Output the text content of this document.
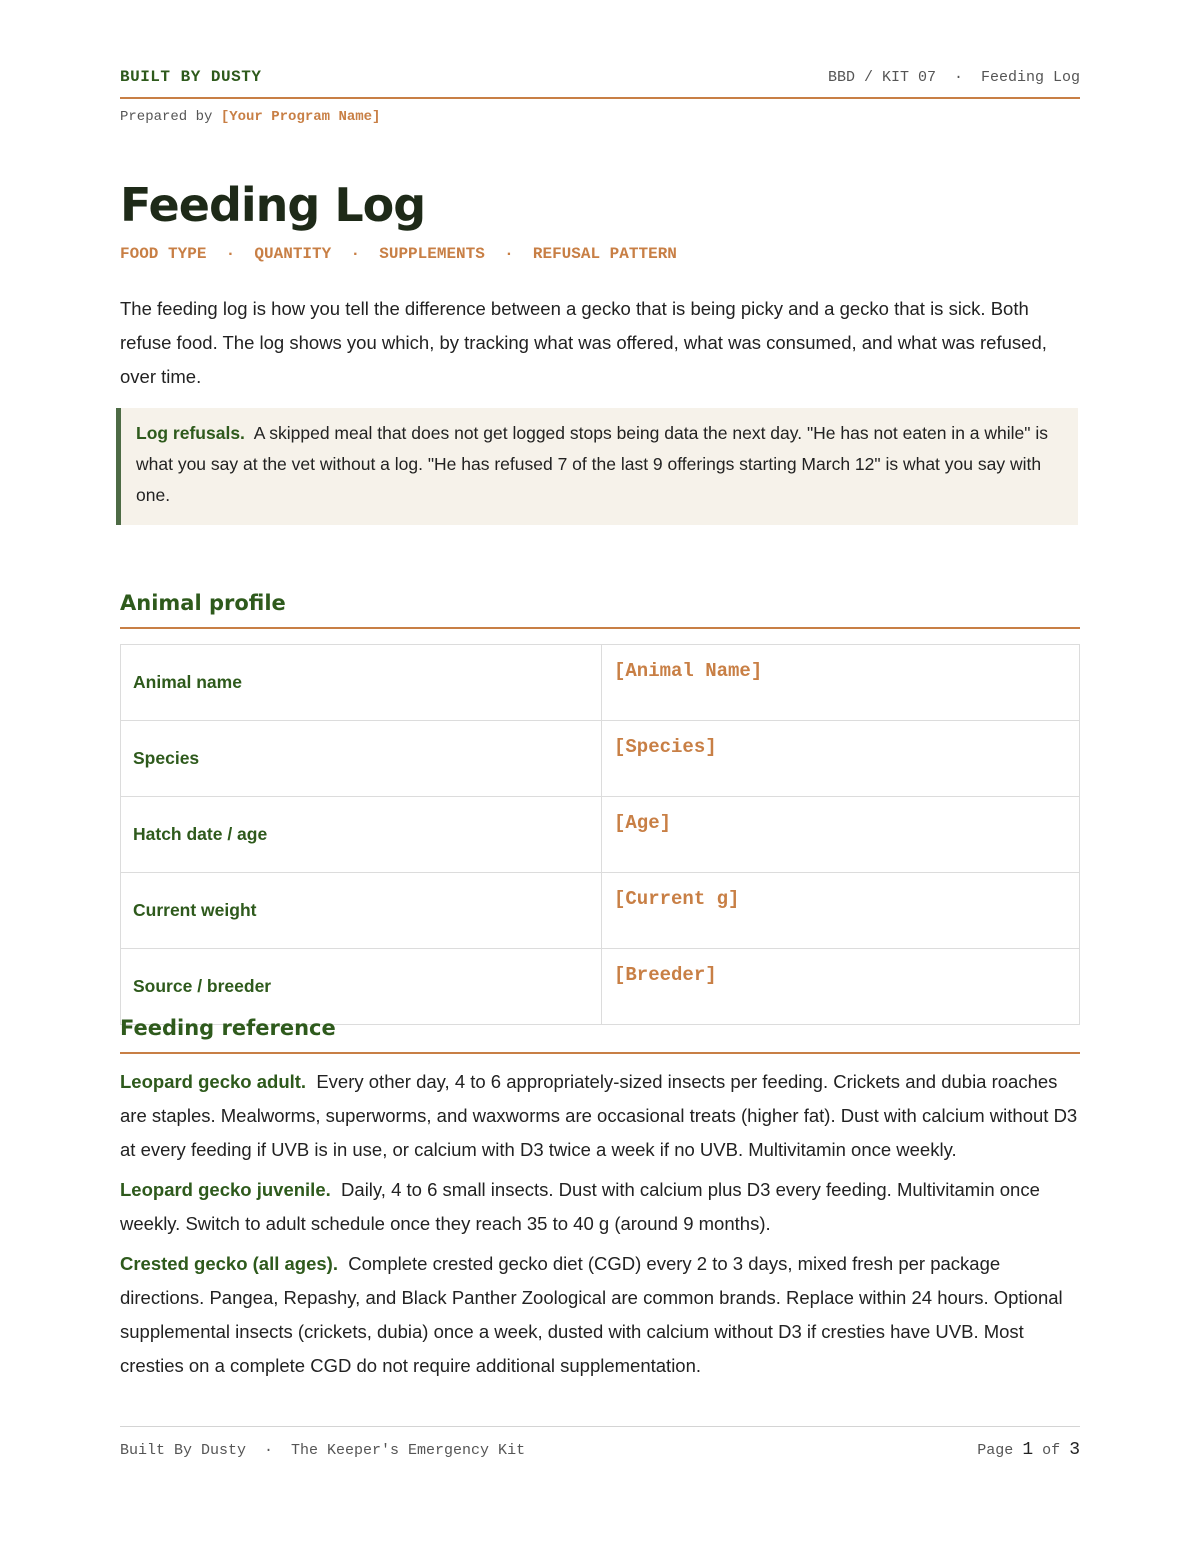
BUILT BY DUSTY	BBD / KIT 07  ·  Feeding Log
Prepared by [Your Program Name]
Feeding Log
FOOD TYPE  ·  QUANTITY  ·  SUPPLEMENTS  ·  REFUSAL PATTERN

The feeding log is how you tell the difference between a gecko that is being picky and a gecko that is sick. Both refuse food. The log shows you which, by tracking what was offered, what was consumed, and what was refused, over time.

Log refusals. A skipped meal that does not get logged stops being data the next day. "He has not eaten in a while" is what you say at the vet without a log. "He has refused 7 of the last 9 offerings starting March 12" is what you say with one.

Animal profile
Animal name	[Animal Name]
Species	[Species]
Hatch date / age	[Age]
Current weight	[Current g]
Source / breeder	[Breeder]
Feeding reference

Leopard gecko adult. Every other day, 4 to 6 appropriately-sized insects per feeding. Crickets and dubia roaches are staples. Mealworms, superworms, and waxworms are occasional treats (higher fat). Dust with calcium without D3 at every feeding if UVB is in use, or calcium with D3 twice a week if no UVB. Multivitamin once weekly.

Leopard gecko juvenile. Daily, 4 to 6 small insects. Dust with calcium plus D3 every feeding. Multivitamin once weekly. Switch to adult schedule once they reach 35 to 40 g (around 9 months).

Crested gecko (all ages). Complete crested gecko diet (CGD) every 2 to 3 days, mixed fresh per package directions. Pangea, Repashy, and Black Panther Zoological are common brands. Replace within 24 hours. Optional supplemental insects (crickets, dubia) once a week, dusted with calcium without D3 if cresties have UVB. Most cresties on a complete CGD do not require additional supplementation.

Built By Dusty  ·  The Keeper's Emergency Kit	Page 1 of 3
